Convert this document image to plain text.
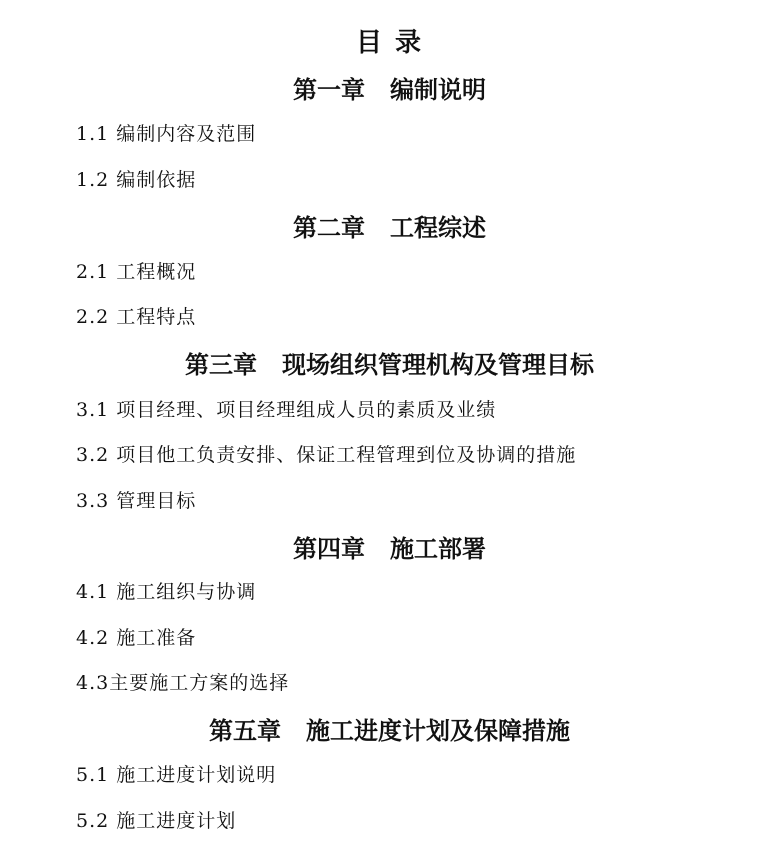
目 录
第一章   编制说明
1.1 编制内容及范围
1.2 编制依据
第二章   工程综述
2.1 工程概况
2.2 工程特点
第三章   现场组织管理机构及管理目标
3.1 项目经理、项目经理组成人员的素质及业绩
3.2 项目他工负责安排、保证工程管理到位及协调的措施
3.3 管理目标
第四章   施工部署
4.1 施工组织与协调
4.2 施工准备
4.3主要施工方案的选择
第五章   施工进度计划及保障措施
5.1 施工进度计划说明
5.2 施工进度计划
